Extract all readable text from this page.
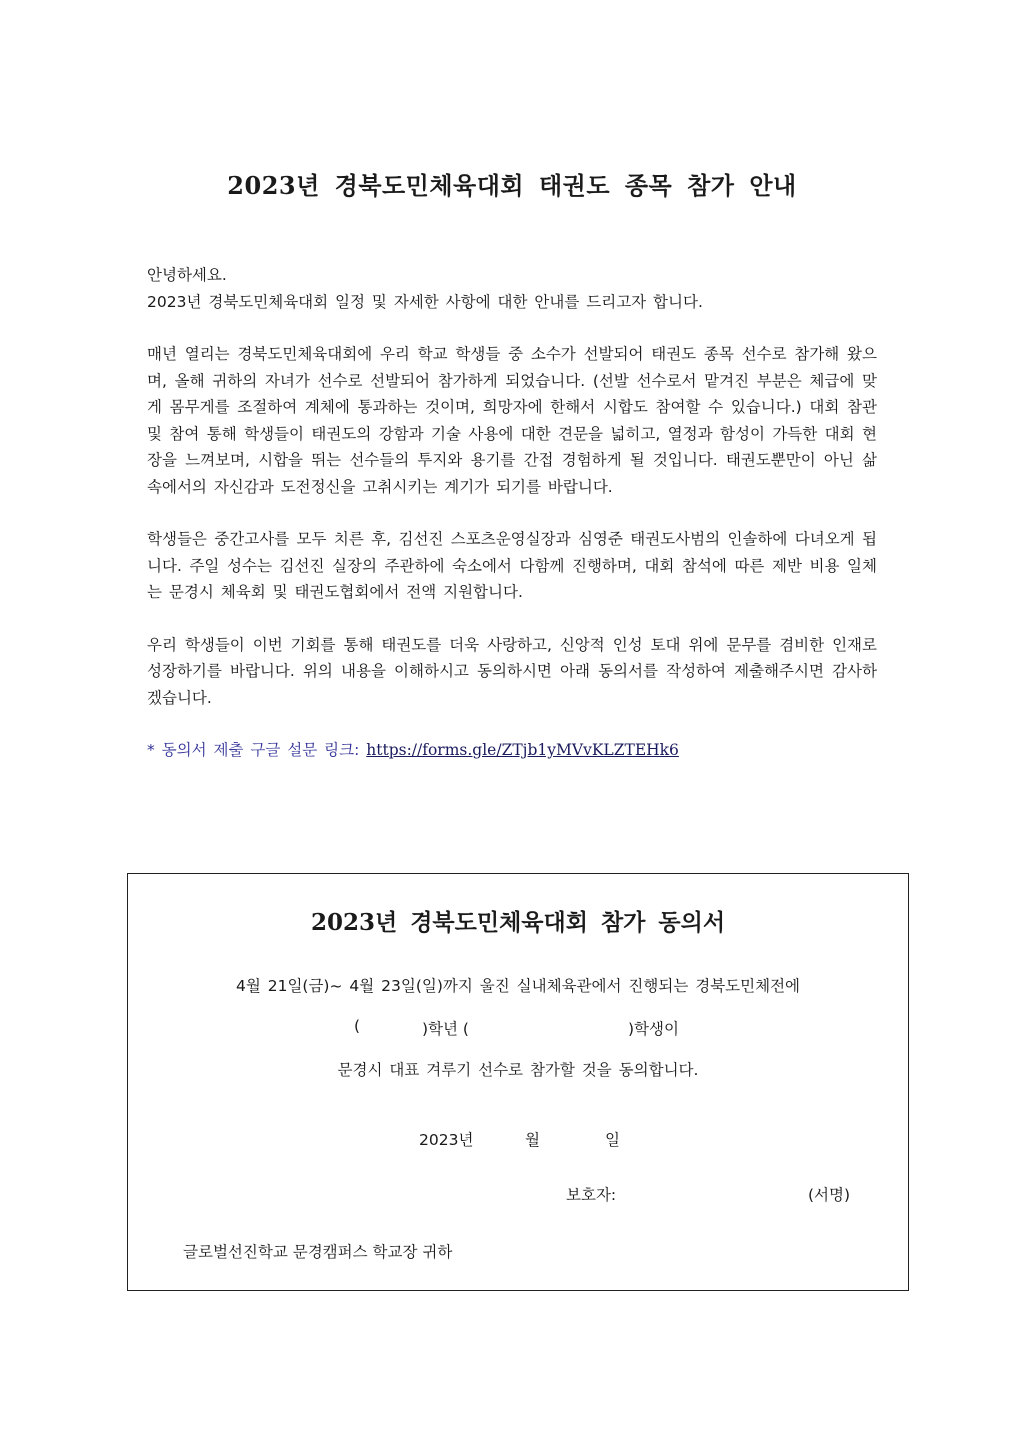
2023년 경북도민체육대회 태권도 종목 참가 안내

안녕하세요.

2023년 경북도민체육대회 일정 및 자세한 사항에 대한 안내를 드리고자 합니다.

매년 열리는 경북도민체육대회에 우리 학교 학생들 중 소수가 선발되어 태권도 종목 선수로 참가해 왔으며, 올해 귀하의 자녀가 선수로 선발되어 참가하게 되었습니다. (선발 선수로서 맡겨진 부분은 체급에 맞게 몸무게를 조절하여 계체에 통과하는 것이며, 희망자에 한해서 시합도 참여할 수 있습니다.) 대회 참관 및 참여 통해 학생들이 태권도의 강함과 기술 사용에 대한 견문을 넓히고, 열정과 함성이 가득한 대회 현장을 느껴보며, 시합을 뛰는 선수들의 투지와 용기를 간접 경험하게 될 것입니다. 태권도뿐만이 아닌 삶 속에서의 자신감과 도전정신을 고취시키는 계기가 되기를 바랍니다.

학생들은 중간고사를 모두 치른 후, 김선진 스포츠운영실장과 심영준 태권도사범의 인솔하에 다녀오게 됩니다. 주일 성수는 김선진 실장의 주관하에 숙소에서 다함께 진행하며, 대회 참석에 따른 제반 비용 일체는 문경시 체육회 및 태권도협회에서 전액 지원합니다.

우리 학생들이 이번 기회를 통해 태권도를 더욱 사랑하고, 신앙적 인성 토대 위에 문무를 겸비한 인재로 성장하기를 바랍니다. 위의 내용을 이해하시고 동의하시면 아래 동의서를 작성하여 제출해주시면 감사하겠습니다.

* 동의서 제출 구글 설문 링크: https://forms.gle/ZTjb1yMVvKLZTEHk6

2023년 경북도민체육대회 참가 동의서
4월 21일(금)~ 4월 23일(일)까지 울진 실내체육관에서 진행되는 경북도민체전에
(	)학년 (	)학생이
문경시 대표 겨루기 선수로 참가할 것을 동의합니다.
2023년	월	일
보호자:	(서명)
글로벌선진학교 문경캠퍼스 학교장 귀하
